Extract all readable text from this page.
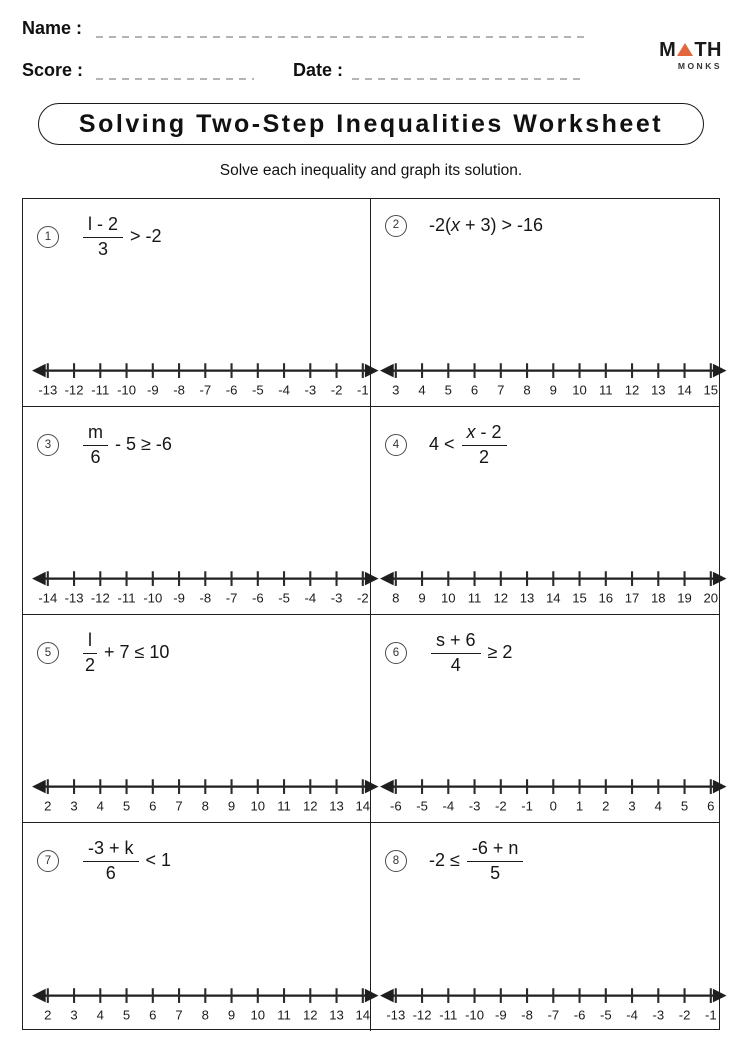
Name :
Score :	Date :
M TH
MONKS
Solving Two-Step Inequalities Worksheet
Solve each inequality and graph its solution.
1	$\frac{l - 2}{3} > -2$
-13 -12 -11 -10 -9 -8 -7 -6 -5 -4 -3 -2 -1
2	-2(x + 3) > -16
3 4 5 6 7 8 9 10 11 12 13 14 15
3	$\frac{m}{6} - 5 \ge -6$
-14 -13 -12 -11 -10 -9 -8 -7 -6 -5 -4 -3 -2
4	$4 < \frac{x - 2}{2}$
8 9 10 11 12 13 14 15 16 17 18 19 20
5	$\frac{l}{2} + 7 \le 10$
2 3 4 5 6 7 8 9 10 11 12 13 14
6	$\frac{s + 6}{4} \ge 2$
-6 -5 -4 -3 -2 -1 0 1 2 3 4 5 6
7	$\frac{-3 + k}{6} < 1$
2 3 4 5 6 7 8 9 10 11 12 13 14
8	$-2 \le \frac{-6 + n}{5}$
-13 -12 -11 -10 -9 -8 -7 -6 -5 -4 -3 -2 -1
